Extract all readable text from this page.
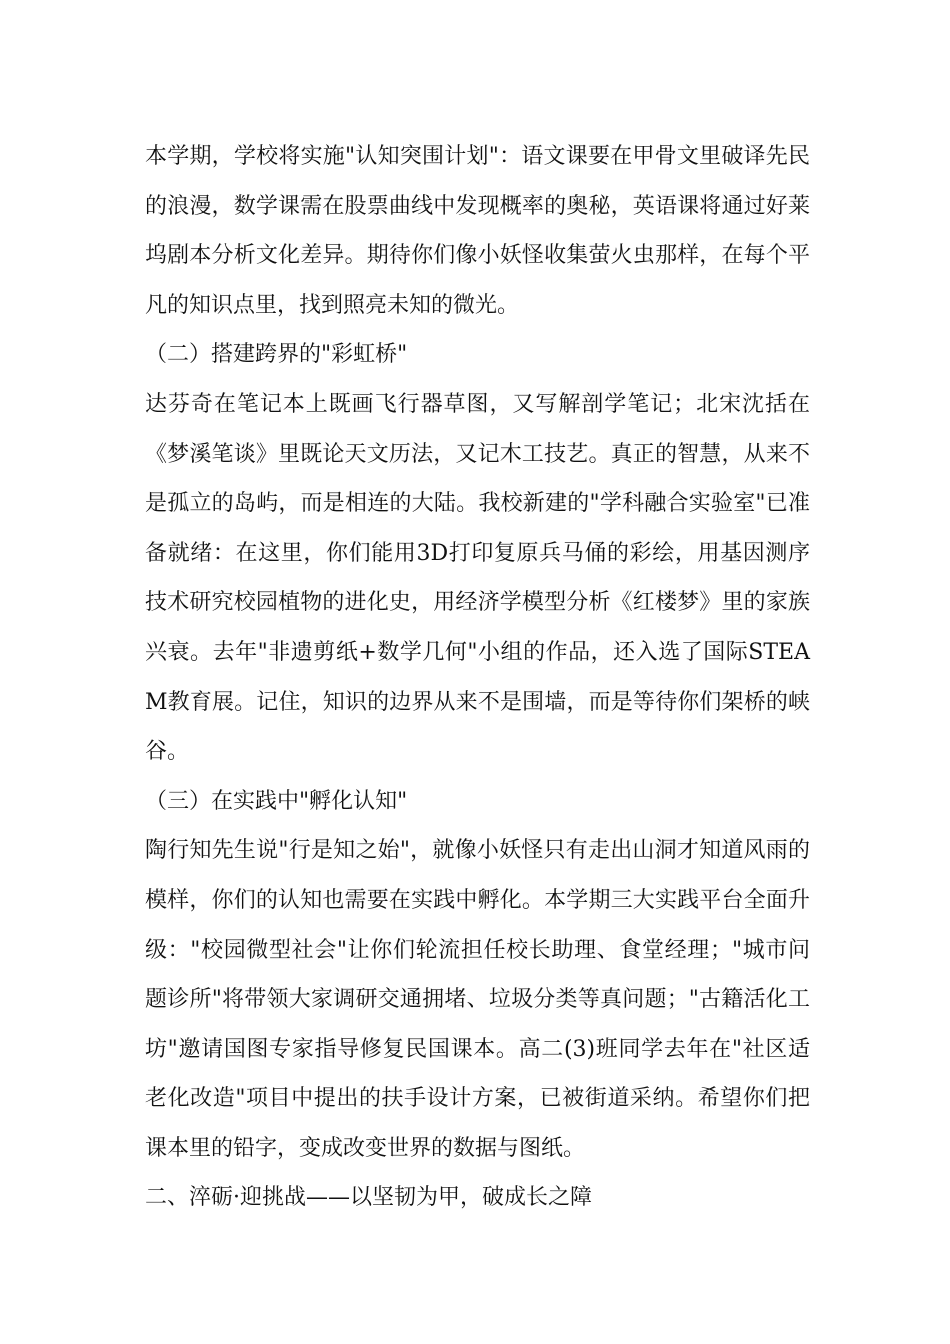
本学期，学校将实施"认知突围计划"：语文课要在甲骨文里破译先民的浪漫，数学课需在股票曲线中发现概率的奥秘，英语课将通过好莱坞剧本分析文化差异。期待你们像小妖怪收集萤火虫那样，在每个平凡的知识点里，找到照亮未知的微光。

（二）搭建跨界的"彩虹桥"

达芬奇在笔记本上既画飞行器草图，又写解剖学笔记；北宋沈括在《梦溪笔谈》里既论天文历法，又记木工技艺。真正的智慧，从来不是孤立的岛屿，而是相连的大陆。我校新建的"学科融合实验室"已准备就绪：在这里，你们能用3D打印复原兵马俑的彩绘，用基因测序技术研究校园植物的进化史，用经济学模型分析《红楼梦》里的家族兴衰。去年"非遗剪纸+数学几何"小组的作品，还入选了国际STEAM教育展。记住，知识的边界从来不是围墙，而是等待你们架桥的峡谷。

（三）在实践中"孵化认知"

陶行知先生说"行是知之始"，就像小妖怪只有走出山洞才知道风雨的模样，你们的认知也需要在实践中孵化。本学期三大实践平台全面升级："校园微型社会"让你们轮流担任校长助理、食堂经理；"城市问题诊所"将带领大家调研交通拥堵、垃圾分类等真问题；"古籍活化工坊"邀请国图专家指导修复民国课本。高二(3)班同学去年在"社区适老化改造"项目中提出的扶手设计方案，已被街道采纳。希望你们把课本里的铅字，变成改变世界的数据与图纸。

二、淬砺·迎挑战——以坚韧为甲，破成长之障
